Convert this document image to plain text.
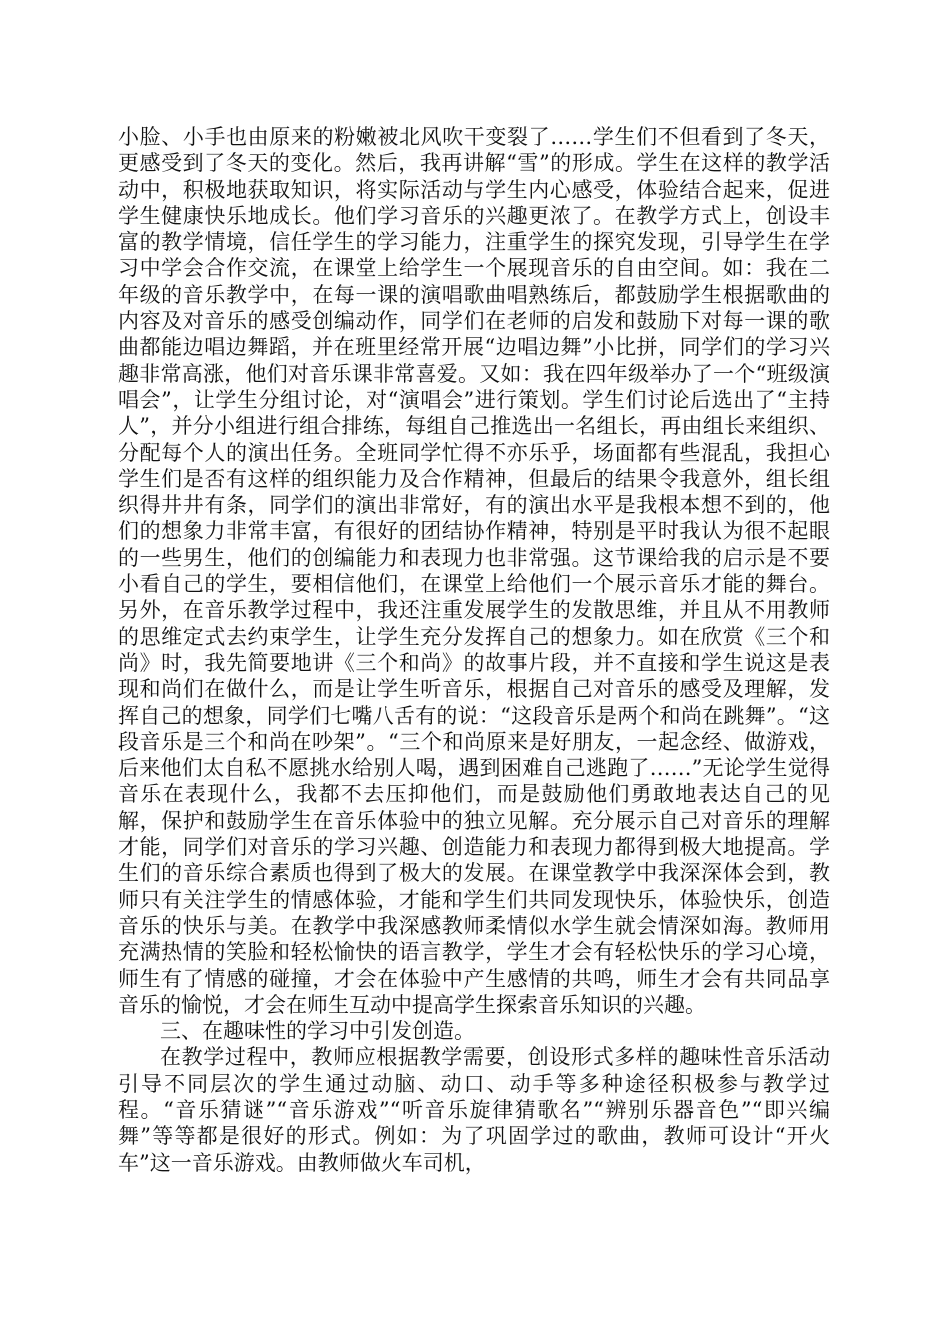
小脸、小手也由原来的粉嫩被北风吹干变裂了……学生们不但看到了冬天，更感受到了冬天的变化。然后，我再讲解“雪”的形成。学生在这样的教学活动中，积极地获取知识，将实际活动与学生内心感受，体验结合起来，促进学生健康快乐地成长。他们学习音乐的兴趣更浓了。在教学方式上，创设丰富的教学情境，信任学生的学习能力，注重学生的探究发现，引导学生在学习中学会合作交流，在课堂上给学生一个展现音乐的自由空间。如：我在二年级的音乐教学中，在每一课的演唱歌曲唱熟练后，都鼓励学生根据歌曲的内容及对音乐的感受创编动作，同学们在老师的启发和鼓励下对每一课的歌曲都能边唱边舞蹈，并在班里经常开展“边唱边舞”小比拼，同学们的学习兴趣非常高涨，他们对音乐课非常喜爱。又如：我在四年级举办了一个“班级演唱会”，让学生分组讨论，对“演唱会”进行策划。学生们讨论后选出了“主持人”，并分小组进行组合排练，每组自己推选出一名组长，再由组长来组织、分配每个人的演出任务。全班同学忙得不亦乐乎，场面都有些混乱，我担心学生们是否有这样的组织能力及合作精神，但最后的结果令我意外，组长组织得井井有条，同学们的演出非常好，有的演出水平是我根本想不到的，他们的想象力非常丰富，有很好的团结协作精神，特别是平时我认为很不起眼的一些男生，他们的创编能力和表现力也非常强。这节课给我的启示是不要小看自己的学生，要相信他们，在课堂上给他们一个展示音乐才能的舞台。另外，在音乐教学过程中，我还注重发展学生的发散思维，并且从不用教师的思维定式去约束学生，让学生充分发挥自己的想象力。如在欣赏《三个和尚》时，我先简要地讲《三个和尚》的故事片段，并不直接和学生说这是表现和尚们在做什么，而是让学生听音乐，根据自己对音乐的感受及理解，发挥自己的想象，同学们七嘴八舌有的说：“这段音乐是两个和尚在跳舞”。“这段音乐是三个和尚在吵架”。“三个和尚原来是好朋友，一起念经、做游戏，后来他们太自私不愿挑水给别人喝，遇到困难自己逃跑了……”无论学生觉得音乐在表现什么，我都不去压抑他们，而是鼓励他们勇敢地表达自己的见解，保护和鼓励学生在音乐体验中的独立见解。充分展示自己对音乐的理解才能，同学们对音乐的学习兴趣、创造能力和表现力都得到极大地提高。学生们的音乐综合素质也得到了极大的发展。在课堂教学中我深深体会到，教师只有关注学生的情感体验，才能和学生们共同发现快乐，体验快乐，创造音乐的快乐与美。在教学中我深感教师柔情似水学生就会情深如海。教师用充满热情的笑脸和轻松愉快的语言教学，学生才会有轻松快乐的学习心境，师生有了情感的碰撞，才会在体验中产生感情的共鸣，师生才会有共同品享音乐的愉悦，才会在师生互动中提高学生探索音乐知识的兴趣。

三、在趣味性的学习中引发创造。

在教学过程中，教师应根据教学需要，创设形式多样的趣味性音乐活动引导不同层次的学生通过动脑、动口、动手等多种途径积极参与教学过程。“音乐猜谜”“音乐游戏”“听音乐旋律猜歌名”“辨别乐器音色”“即兴编舞”等等都是很好的形式。例如：为了巩固学过的歌曲，教师可设计“开火车”这一音乐游戏。由教师做火车司机，
